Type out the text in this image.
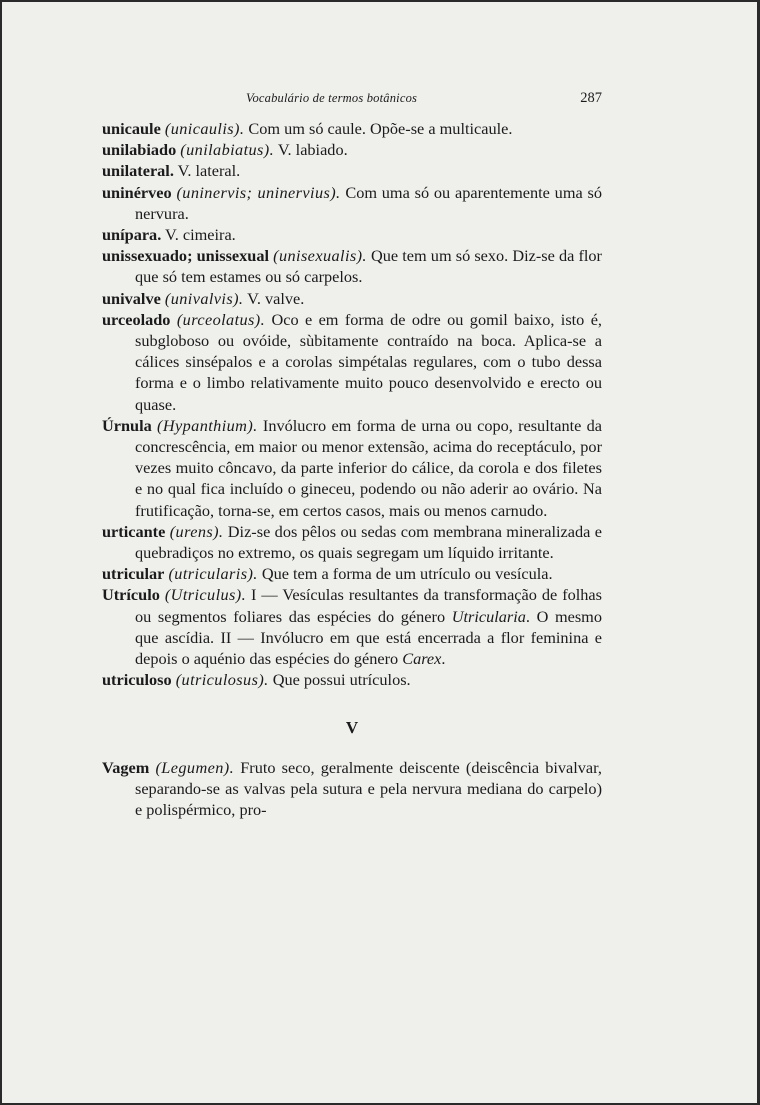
Vocabulário de termos botânicos	287

unicaule (unicaulis). Com um só caule. Opõe-se a multicaule.

unilabiado (unilabiatus). V. labiado.

unilateral. V. lateral.

uninérveo (uninervis; uninervius). Com uma só ou aparentemente uma só nervura.

unípara. V. cimeira.

unissexuado; unissexual (unisexualis). Que tem um só sexo. Diz-se da flor que só tem estames ou só carpelos.

univalve (univalvis). V. valve.

urceolado (urceolatus). Oco e em forma de odre ou gomil baixo, isto é, subgloboso ou ovóide, sùbitamente contraído na boca. Aplica-se a cálices sinsépalos e a corolas simpétalas regulares, com o tubo dessa forma e o limbo relativamente muito pouco desenvolvido e erecto ou quase.

Úrnula (Hypanthium). Invólucro em forma de urna ou copo, resultante da concrescência, em maior ou menor extensão, acima do receptáculo, por vezes muito côncavo, da parte inferior do cálice, da corola e dos filetes e no qual fica incluído o gineceu, podendo ou não aderir ao ovário. Na frutificação, torna-se, em certos casos, mais ou menos carnudo.

urticante (urens). Diz-se dos pêlos ou sedas com membrana mineralizada e quebradiços no extremo, os quais segregam um líquido irritante.

utricular (utricularis). Que tem a forma de um utrículo ou vesícula.

Utrículo (Utriculus). I — Vesículas resultantes da transformação de folhas ou segmentos foliares das espécies do género Utricularia. O mesmo que ascídia. II — Invólucro em que está encerrada a flor feminina e depois o aquénio das espécies do género Carex.

utriculoso (utriculosus). Que possui utrículos.

V

Vagem (Legumen). Fruto seco, geralmente deiscente (deiscência bivalvar, separando-se as valvas pela sutura e pela nervura mediana do carpelo) e polispérmico, pro-
